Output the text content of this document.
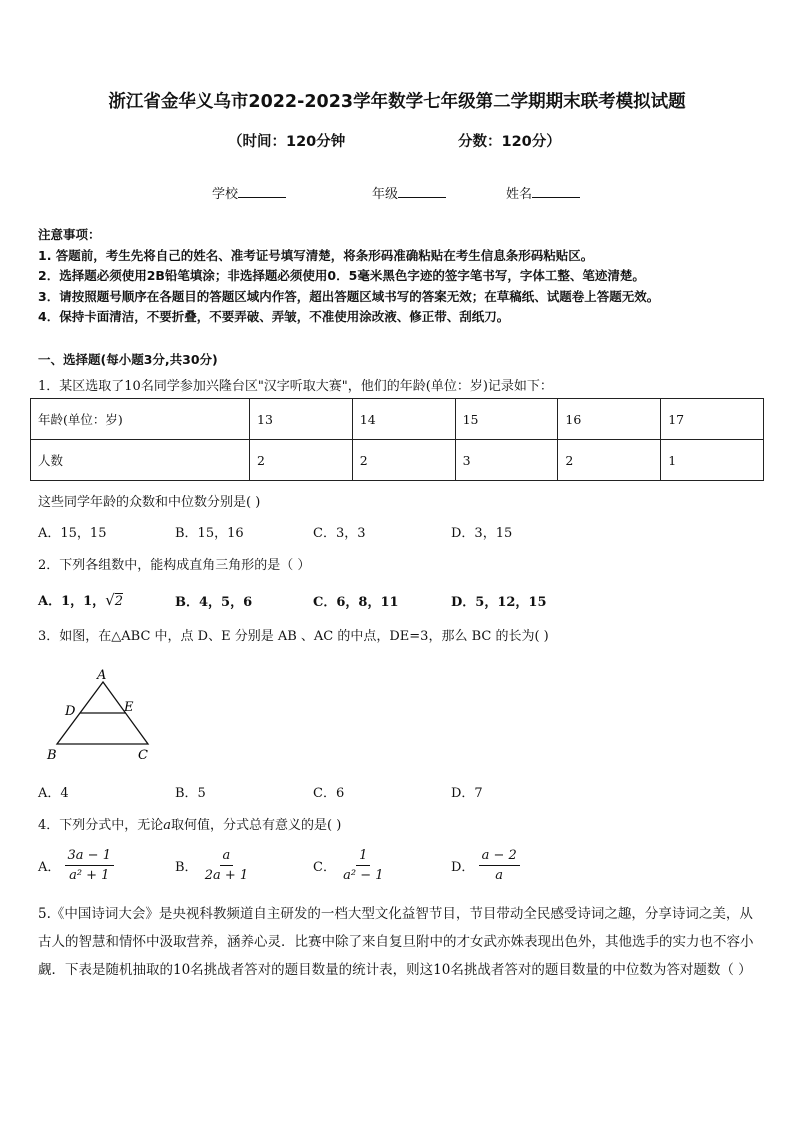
浙江省金华义乌市2022-2023学年数学七年级第二学期期末联考模拟试题
（时间：120分钟	分数：120分）
学校	年级	姓名
注意事项：
1. 答题前，考生先将自己的姓名、准考证号填写清楚，将条形码准确粘贴在考生信息条形码粘贴区。
2．选择题必须使用2B铅笔填涂；非选择题必须使用0．5毫米黑色字迹的签字笔书写，字体工整、笔迹清楚。
3．请按照题号顺序在各题目的答题区域内作答，超出答题区域书写的答案无效；在草稿纸、试题卷上答题无效。
4．保持卡面清洁，不要折叠，不要弄破、弄皱，不准使用涂改液、修正带、刮纸刀。
一、选择题(每小题3分,共30分)
1．某区选取了10名同学参加兴隆台区"汉字听取大赛"，他们的年龄(单位：岁)记录如下：
年龄(单位：岁)	13	14	15	16	17
人数	2	2	3	2	1
这些同学年龄的众数和中位数分别是( )
A．15，15	B．15，16	C．3，3	D．3，15
2．下列各组数中，能构成直角三角形的是（ ）
A．1，1，√2	B．4，5，6	C．6，8，11	D．5，12，15
3．如图，在△ABC 中，点 D、E 分别是 AB 、AC 的中点，DE=3，那么 BC 的长为( )
A
D	E
B	C
A．4	B．5	C．6	D．7
4．下列分式中，无论a取何值，分式总有意义的是( )
A． $\frac{3a - 1}{\text{a² + 1}}$	B． $\frac{a}{2a + 1}$	C． $\frac{1}{\text{a² − 1}}$	D． $\frac{a - 2}{a}$
5.《中国诗词大会》是央视科教频道自主研发的一档大型文化益智节目，节目带动全民感受诗词之趣，分享诗词之美，从古人的智慧和情怀中汲取营养，涵养心灵．比赛中除了来自复旦附中的才女武亦姝表现出色外，其他选手的实力也不容小觑．下表是随机抽取的10名挑战者答对的题目数量的统计表，则这10名挑战者答对的题目数量的中位数为答对题数（ ）
